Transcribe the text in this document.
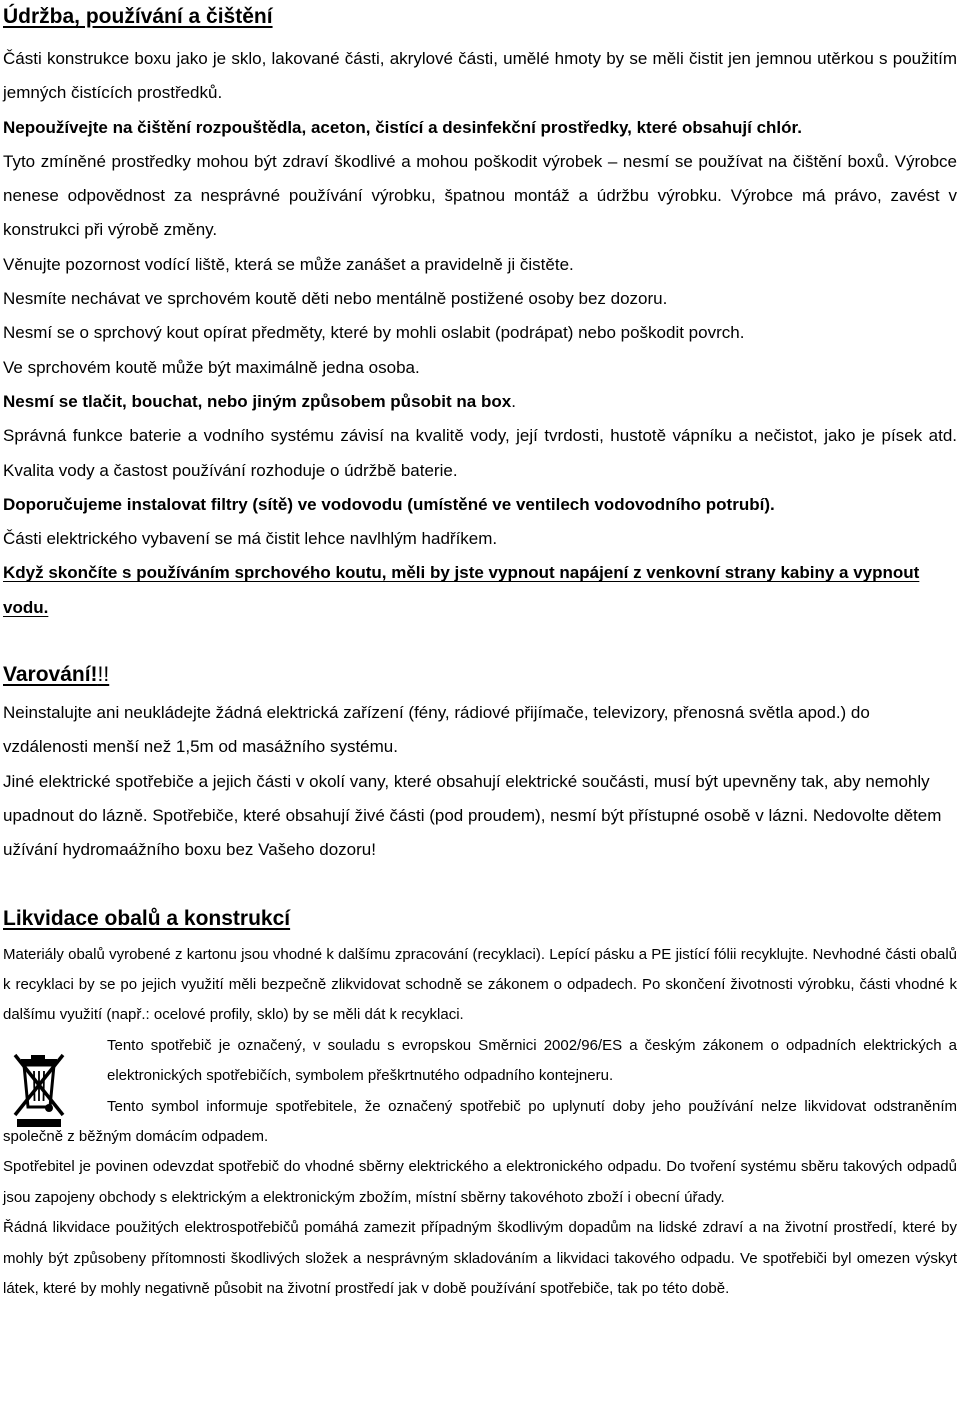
Údržba, používání a čištění

Části konstrukce boxu jako je sklo, lakované části, akrylové části, umělé hmoty by se měli čistit jen jemnou utěrkou s použitím jemných čistících prostředků.

Nepoužívejte na čištění rozpouštědla, aceton, čistící a desinfekční prostředky, které obsahují chlór.

Tyto zmíněné prostředky mohou být zdraví škodlivé a mohou poškodit výrobek – nesmí se používat na čištění boxů. Výrobce nenese odpovědnost za nesprávné používání výrobku, špatnou montáž a údržbu výrobku. Výrobce má právo, zavést v konstrukci při výrobě změny.

Věnujte pozornost vodící liště, která se může zanášet a pravidelně ji čistěte.

Nesmíte nechávat ve sprchovém koutě děti nebo mentálně postižené osoby bez dozoru.

Nesmí se o sprchový kout opírat předměty, které by mohli oslabit (podrápat) nebo poškodit povrch.

Ve sprchovém koutě může být maximálně jedna osoba.

Nesmí se tlačit, bouchat, nebo jiným způsobem působit na box.

Správná funkce baterie a vodního systému závisí na kvalitě vody, její tvrdosti, hustotě vápníku a nečistot, jako je písek atd. Kvalita vody a častost používání rozhoduje o údržbě baterie.

Doporučujeme instalovat filtry (sítě) ve vodovodu (umístěné ve ventilech vodovodního potrubí).

Části elektrického vybavení se má čistit lehce navlhlým hadříkem.

Když skončíte s používáním sprchového koutu, měli by jste vypnout napájení z venkovní strany kabiny a vypnout vodu.

Varování!!!

Neinstalujte ani neukládejte žádná elektrická zařízení (fény, rádiové přijímače, televizory, přenosná světla apod.) do vzdálenosti menší než 1,5m od masážního systému.

Jiné elektrické spotřebiče a jejich části v okolí vany, které obsahují elektrické součásti, musí být upevněny tak, aby nemohly upadnout do lázně. Spotřebiče, které obsahují živé části (pod proudem), nesmí být přístupné osobě v lázni. Nedovolte dětem užívání hydromaážního boxu bez Vašeho dozoru!

Likvidace obalů a konstrukcí

Materiály obalů vyrobené z kartonu jsou vhodné k dalšímu zpracování (recyklaci). Lepící pásku a PE jistící fólii recyklujte. Nevhodné části obalů k recyklaci by se po jejich využití měli bezpečně zlikvidovat schodně se zákonem o odpadech. Po skončení životnosti výrobku, části vhodné k dalšímu využití (např.: ocelové profily, sklo) by se měli dát k recyklaci.

Tento spotřebič je označený, v souladu s evropskou Směrnici 2002/96/ES a českým zákonem o odpadních elektrických a elektronických spotřebičích, symbolem přeškrtnutého odpadního kontejneru.

Tento symbol informuje spotřebitele, že označený spotřebič po uplynutí doby jeho používání nelze likvidovat odstraněním společně z běžným domácím odpadem.

Spotřebitel je povinen odevzdat spotřebič do vhodné sběrny elektrického a elektronického odpadu. Do tvoření systému sběru takových odpadů jsou zapojeny obchody s elektrickým a elektronickým zbožím, místní sběrny takovéhoto zboží i obecní úřady.

Řádná likvidace použitých elektrospotřebičů pomáhá zamezit případným škodlivým dopadům na lidské zdraví a na životní prostředí, které by mohly být způsobeny přítomnosti škodlivých složek a nesprávným skladováním a likvidaci takového odpadu. Ve spotřebiči byl omezen výskyt látek, které by mohly negativně působit na životní prostředí jak v době používání spotřebiče, tak po této době.
